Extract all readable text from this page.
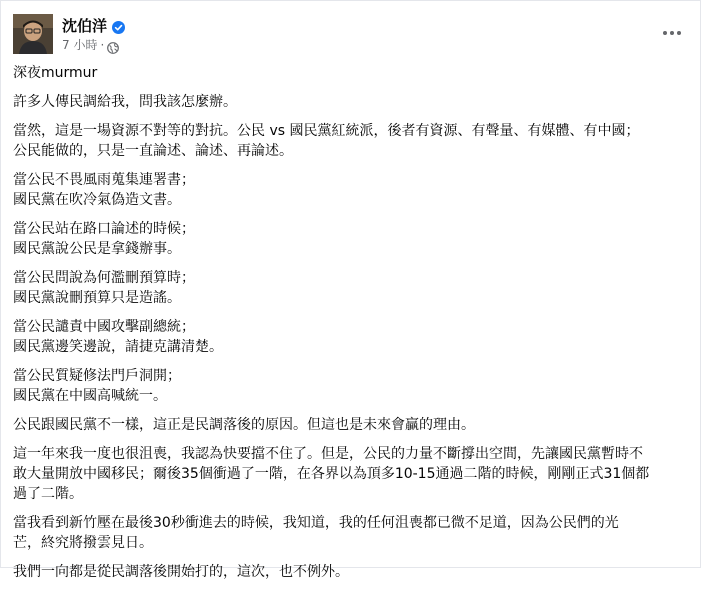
沈伯洋
7 小時 ·
深夜murmur
許多人傳民調給我，問我該怎麼辦。
當然，這是一場資源不對等的對抗。公民 vs 國民黨紅統派，後者有資源、有聲量、有媒體、有中國；
公民能做的，只是一直論述、論述、再論述。
當公民不畏風雨蒐集連署書；
國民黨在吹冷氣偽造文書。
當公民站在路口論述的時候；
國民黨說公民是拿錢辦事。
當公民問說為何濫刪預算時；
國民黨說刪預算只是造謠。
當公民譴責中國攻擊副總統；
國民黨邊笑邊說，請捷克講清楚。
當公民質疑修法門戶洞開；
國民黨在中國高喊統一。
公民跟國民黨不一樣，這正是民調落後的原因。但這也是未來會贏的理由。
這一年來我一度也很沮喪，我認為快要擋不住了。但是，公民的力量不斷撐出空間，先讓國民黨暫時不
敢大量開放中國移民；爾後35個衝過了一階，在各界以為頂多10-15通過二階的時候，剛剛正式31個都
過了二階。
當我看到新竹壓在最後30秒衝進去的時候，我知道，我的任何沮喪都已微不足道，因為公民們的光
芒，終究將撥雲見日。
我們一向都是從民調落後開始打的，這次，也不例外。
